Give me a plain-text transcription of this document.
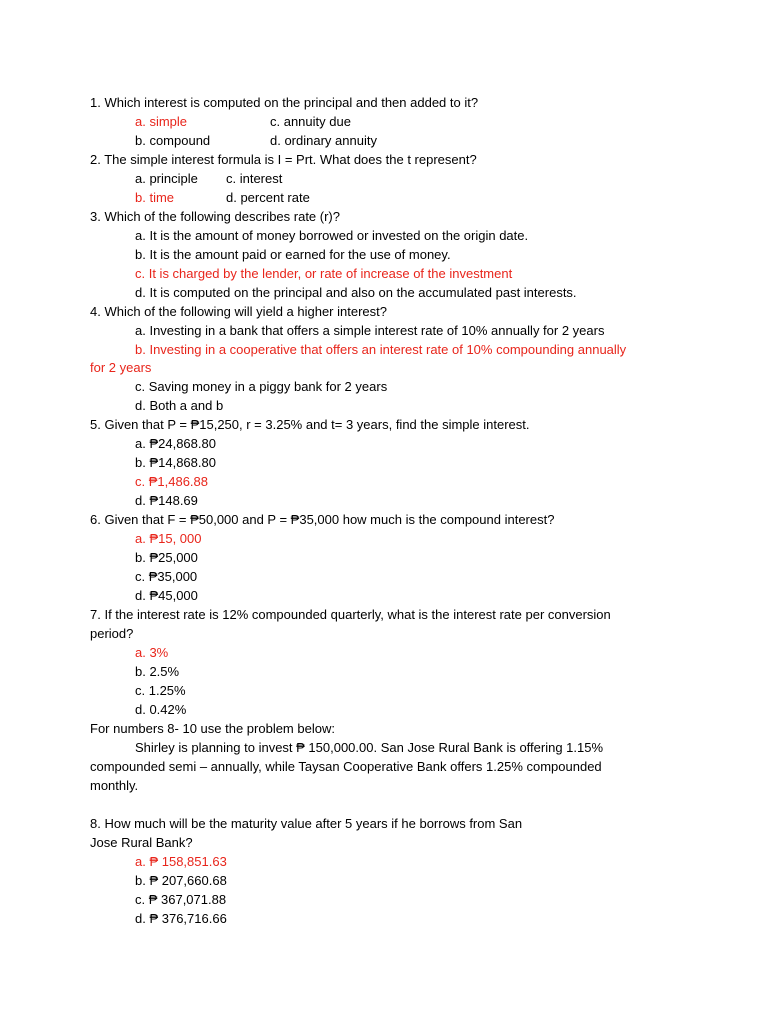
1. Which interest is computed on the principal and then added to it?
a. simple	c. annuity due
b. compound	d. ordinary annuity
2. The simple interest formula is I = Prt. What does the t represent?
a. principle c. interest
b. time	d. percent rate
3. Which of the following describes rate (r)?
a. It is the amount of money borrowed or invested on the origin date.
b. It is the amount paid or earned for the use of money.
c. It is charged by the lender, or rate of increase of the investment
d. It is computed on the principal and also on the accumulated past interests.
4. Which of the following will yield a higher interest?
a. Investing in a bank that offers a simple interest rate of 10% annually for 2 years
b. Investing in a cooperative that offers an interest rate of 10% compounding annually
for 2 years
c. Saving money in a piggy bank for 2 years
d. Both a and b
5. Given that P = ₱15,250, r = 3.25% and t= 3 years, find the simple interest.
a. ₱24,868.80
b. ₱14,868.80
c. ₱1,486.88
d. ₱148.69
6. Given that F = ₱50,000 and P = ₱35,000 how much is the compound interest?
a. ₱15, 000
b. ₱25,000
c. ₱35,000
d. ₱45,000
7. If the interest rate is 12% compounded quarterly, what is the interest rate per conversion
period?
a. 3%
b. 2.5%
c. 1.25%
d. 0.42%
For numbers 8- 10 use the problem below:
Shirley is planning to invest ₱ 150,000.00. San Jose Rural Bank is offering 1.15%
compounded semi – annually, while Taysan Cooperative Bank offers 1.25% compounded
monthly.
8. How much will be the maturity value after 5 years if he borrows from San
Jose Rural Bank?
a. ₱ 158,851.63
b. ₱ 207,660.68
c. ₱ 367,071.88
d. ₱ 376,716.66
